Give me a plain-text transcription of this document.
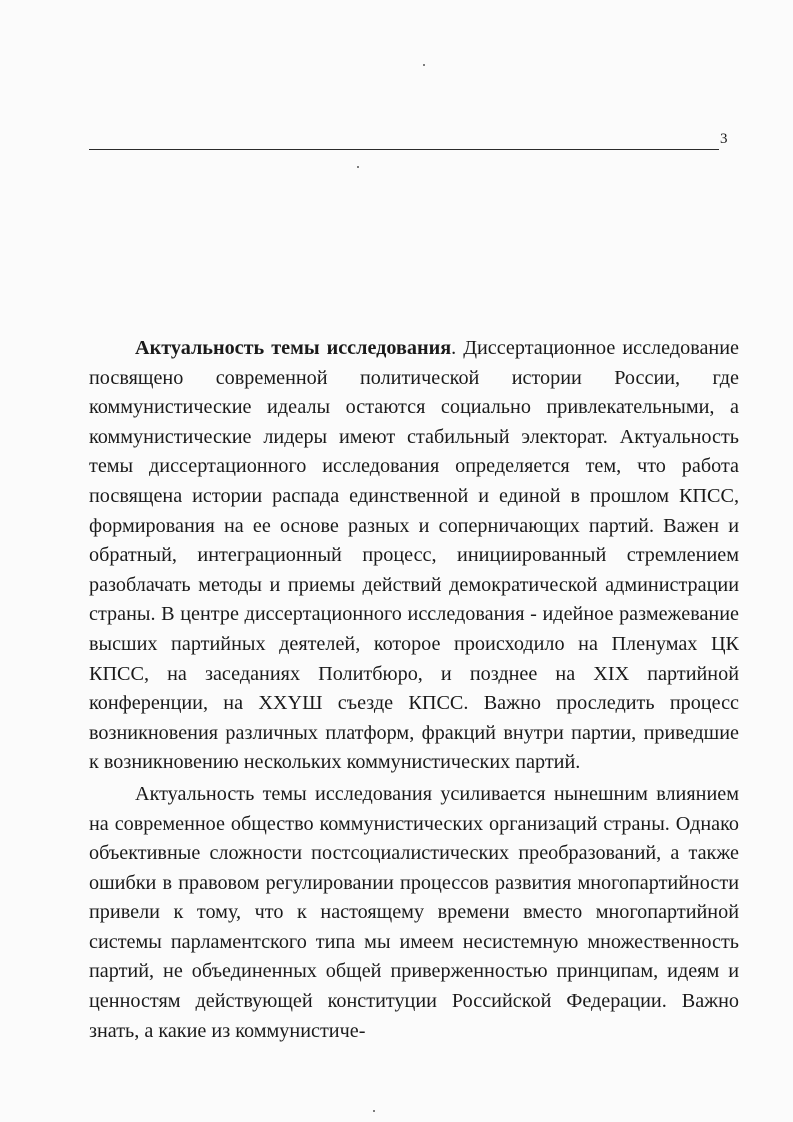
3

Актуальность темы исследования. Диссертационное исследование посвящено современной политической истории России, где коммунистические идеалы остаются социально привлекательными, а коммунистические лидеры имеют стабильный электорат. Актуальность темы диссертационного исследования определяется тем, что работа посвящена истории распада единственной и единой в прошлом КПСС, формирования на ее основе разных и соперничающих партий. Важен и обратный, интеграционный процесс, инициированный стремлением разоблачать методы и приемы действий демократической администрации страны. В центре диссертационного исследования - идейное размежевание высших партийных деятелей, которое происходило на Пленумах ЦК КПСС, на заседаниях Политбюро, и позднее на XIX партийной конференции, на XXYШ съезде КПСС. Важно проследить процесс возникновения различных платформ, фракций внутри партии, приведшие к возникновению нескольких коммунистических партий.

Актуальность темы исследования усиливается нынешним влиянием на современное общество коммунистических организаций страны. Однако объективные сложности постсоциалистических преобразований, а также ошибки в правовом регулировании процессов развития многопартийности привели к тому, что к настоящему времени вместо многопартийной системы парламентского типа мы имеем несистемную множественность партий, не объединенных общей приверженностью принципам, идеям и ценностям действующей конституции Российской Федерации. Важно знать, а какие из коммунистиче-
